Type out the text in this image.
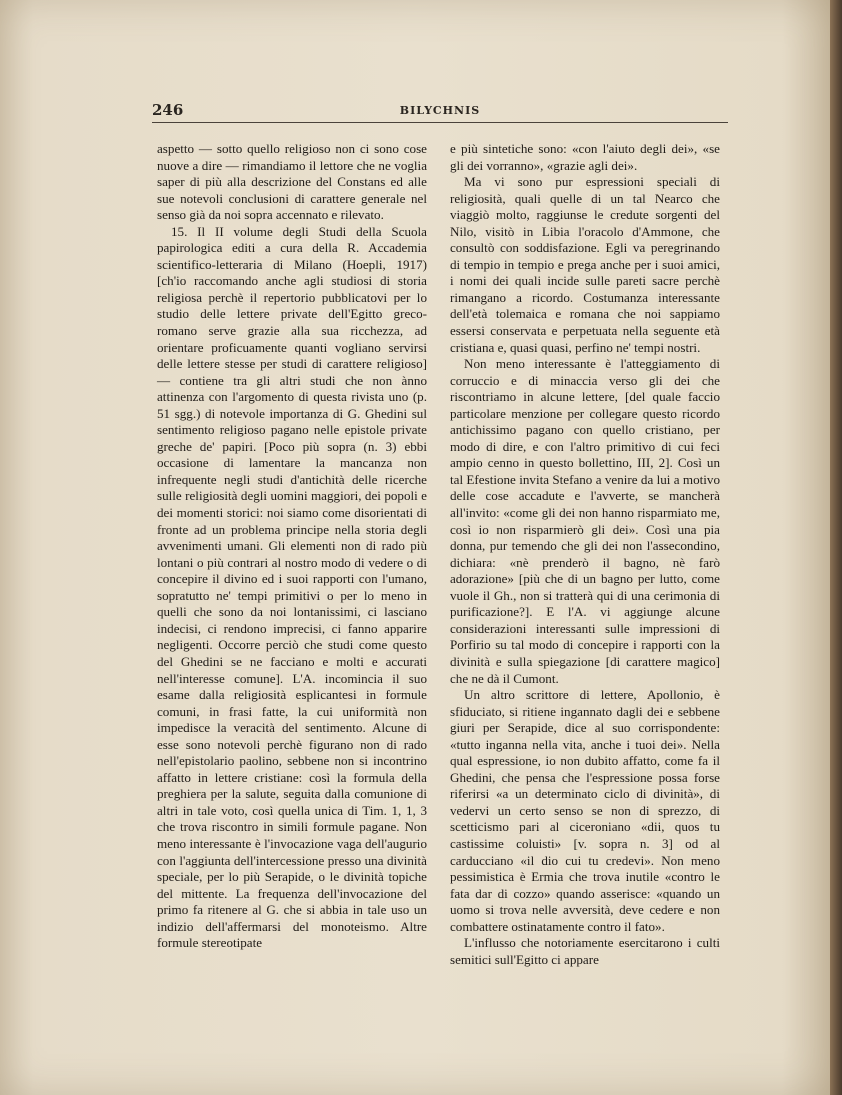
246	BILYCHNIS

aspetto — sotto quello religioso non ci sono cose nuove a dire — rimandiamo il lettore che ne voglia saper di più alla descrizione del Constans ed alle sue notevoli conclusioni di carattere generale nel senso già da noi sopra accennato e rilevato.

15. Il II volume degli Studi della Scuola papirologica editi a cura della R. Accademia scientifico-letteraria di Milano (Hoepli, 1917) [ch'io raccomando anche agli studiosi di storia religiosa perchè il repertorio pubblicatovi per lo studio delle lettere private dell'Egitto greco-romano serve grazie alla sua ricchezza, ad orientare proficuamente quanti vogliano servirsi delle lettere stesse per studi di carattere religioso] — contiene tra gli altri studi che non ànno attinenza con l'argomento di questa rivista uno (p. 51 sgg.) di notevole importanza di G. Ghedini sul sentimento religioso pagano nelle epistole private greche de' papiri. [Poco più sopra (n. 3) ebbi occasione di lamentare la mancanza non infrequente negli studi d'antichità delle ricerche sulle religiosità degli uomini maggiori, dei popoli e dei momenti storici: noi siamo come disorientati di fronte ad un problema principe nella storia degli avvenimenti umani. Gli elementi non di rado più lontani o più contrari al nostro modo di vedere o di concepire il divino ed i suoi rapporti con l'umano, sopratutto ne' tempi primitivi o per lo meno in quelli che sono da noi lontanissimi, ci lasciano indecisi, ci rendono imprecisi, ci fanno apparire negligenti. Occorre perciò che studi come questo del Ghedini se ne facciano e molti e accurati nell'interesse comune]. L'A. incomincia il suo esame dalla religiosità esplicantesi in formule comuni, in frasi fatte, la cui uniformità non impedisce la veracità del sentimento. Alcune di esse sono notevoli perchè figurano non di rado nell'epistolario paolino, sebbene non si incontrino affatto in lettere cristiane: così la formula della preghiera per la salute, seguita dalla comunione di altri in tale voto, così quella unica di Tim. 1, 1, 3 che trova riscontro in simili formule pagane. Non meno interessante è l'invocazione vaga dell'augurio con l'aggiunta dell'intercessione presso una divinità speciale, per lo più Serapide, o le divinità topiche del mittente. La frequenza dell'invocazione del primo fa ritenere al G. che si abbia in tale uso un indizio dell'affermarsi del monoteismo. Altre formule stereotipate

e più sintetiche sono: «con l'aiuto degli dei», «se gli dei vorranno», «grazie agli dei».

Ma vi sono pur espressioni speciali di religiosità, quali quelle di un tal Nearco che viaggiò molto, raggiunse le credute sorgenti del Nilo, visitò in Libia l'oracolo d'Ammone, che consultò con soddisfazione. Egli va peregrinando di tempio in tempio e prega anche per i suoi amici, i nomi dei quali incide sulle pareti sacre perchè rimangano a ricordo. Costumanza interessante dell'età tolemaica e romana che noi sappiamo essersi conservata e perpetuata nella seguente età cristiana e, quasi quasi, perfino ne' tempi nostri.

Non meno interessante è l'atteggiamento di corruccio e di minaccia verso gli dei che riscontriamo in alcune lettere, [del quale faccio particolare menzione per collegare questo ricordo antichissimo pagano con quello cristiano, per modo di dire, e con l'altro primitivo di cui feci ampio cenno in questo bollettino, III, 2]. Così un tal Efestione invita Stefano a venire da lui a motivo delle cose accadute e l'avverte, se mancherà all'invito: «come gli dei non hanno risparmiato me, così io non risparmierò gli dei». Così una pia donna, pur temendo che gli dei non l'assecondino, dichiara: «nè prenderò il bagno, nè farò adorazione» [più che di un bagno per lutto, come vuole il Gh., non si tratterà qui di una cerimonia di purificazione?]. E l'A. vi aggiunge alcune considerazioni interessanti sulle impressioni di Porfirio su tal modo di concepire i rapporti con la divinità e sulla spiegazione [di carattere magico] che ne dà il Cumont.

Un altro scrittore di lettere, Apollonio, è sfiduciato, si ritiene ingannato dagli dei e sebbene giuri per Serapide, dice al suo corrispondente: «tutto inganna nella vita, anche i tuoi dei». Nella qual espressione, io non dubito affatto, come fa il Ghedini, che pensa che l'espressione possa forse riferirsi «a un determinato ciclo di divinità», di vedervi un certo senso se non di sprezzo, di scetticismo pari al ciceroniano «dii, quos tu castissime coluisti» [v. sopra n. 3] od al carducciano «il dio cui tu credevi». Non meno pessimistica è Ermia che trova inutile «contro le fata dar di cozzo» quando asserisce: «quando un uomo si trova nelle avversità, deve cedere e non combattere ostinatamente contro il fato».

L'influsso che notoriamente esercitarono i culti semitici sull'Egitto ci appare
